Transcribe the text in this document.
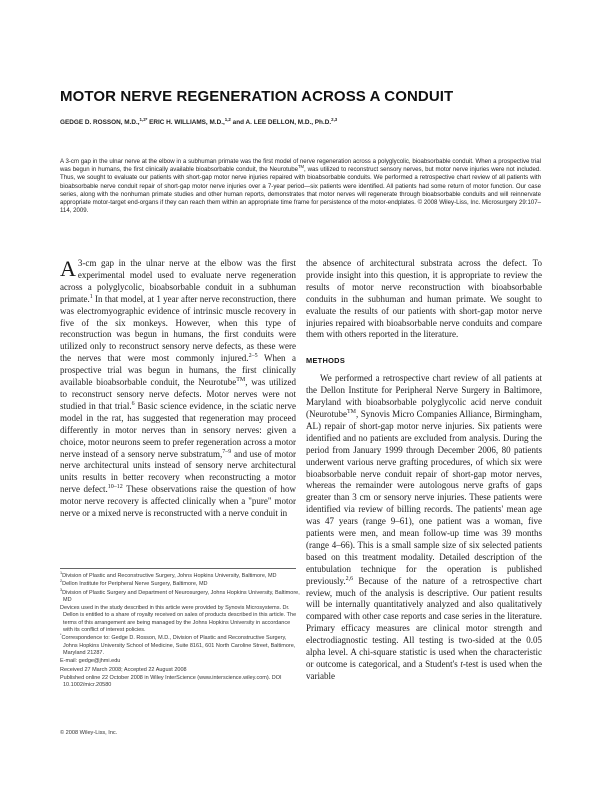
MOTOR NERVE REGENERATION ACROSS A CONDUIT
GEDGE D. ROSSON, M.D.,$^{1,2*}$ ERIC H. WILLIAMS, M.D.,$^{1,2}$ and A. LEE DELLON, M.D., Ph.D.$^{2,3}$
A 3-cm gap in the ulnar nerve at the elbow in a subhuman primate was the first model of nerve regeneration across a polyglycolic, bioabsorbable conduit. When a prospective trial was begun in humans, the first clinically available bioabsorbable conduit, the Neurotube™, was utilized to reconstruct sensory nerves, but motor nerve injuries were not included. Thus, we sought to evaluate our patients with short-gap motor nerve injuries repaired with bioabsorbable conduits. We performed a retrospective chart review of all patients with bioabsorbable nerve conduit repair of short-gap motor nerve injuries over a 7-year period—six patients were identified. All patients had some return of motor function. Our case series, along with the nonhuman primate studies and other human reports, demonstrates that motor nerves will regenerate through bioabsorbable conduits and will reinnervate appropriate motor-target end-organs if they can reach them within an appropriate time frame for persistence of the motor-endplates. © 2008 Wiley-Liss, Inc. Microsurgery 29:107–114, 2009.

A 3-cm gap in the ulnar nerve at the elbow was the first experimental model used to evaluate nerve regeneration across a polyglycolic, bioabsorbable conduit in a subhuman primate.$^1$ In that model, at 1 year after nerve reconstruction, there was electromyographic evidence of intrinsic muscle recovery in five of the six monkeys. However, when this type of reconstruction was begun in humans, the first conduits were utilized only to reconstruct sensory nerve defects, as these were the nerves that were most commonly injured.$^{2-5}$ When a prospective trial was begun in humans, the first clinically available bioabsorbable conduit, the Neurotube™, was utilized to reconstruct sensory nerve defects. Motor nerves were not studied in that trial.$^6$ Basic science evidence, in the sciatic nerve model in the rat, has suggested that regeneration may proceed differently in motor nerves than in sensory nerves: given a choice, motor neurons seem to prefer regeneration across a motor nerve instead of a sensory nerve substratum,$^{7-9}$ and use of motor nerve architectural units instead of sensory nerve architectural units results in better recovery when reconstructing a motor nerve defect.$^{10-12}$ These observations raise the question of how motor nerve recovery is affected clinically when a "pure" motor nerve or a mixed nerve is reconstructed with a nerve conduit in

the absence of architectural substrata across the defect. To provide insight into this question, it is appropriate to review the results of motor nerve reconstruction with bioabsorbable conduits in the subhuman and human primate. We sought to evaluate the results of our patients with short-gap motor nerve injuries repaired with bioabsorbable nerve conduits and compare them with others reported in the literature.

METHODS

We performed a retrospective chart review of all patients at the Dellon Institute for Peripheral Nerve Surgery in Baltimore, Maryland with bioabsorbable polyglycolic acid nerve conduit (Neurotube™, Synovis Micro Companies Alliance, Birmingham, AL) repair of short-gap motor nerve injuries. Six patients were identified and no patients are excluded from analysis. During the period from January 1999 through December 2006, 80 patients underwent various nerve grafting procedures, of which six were bioabsorbable nerve conduit repair of short-gap motor nerves, whereas the remainder were autologous nerve grafts of gaps greater than 3 cm or sensory nerve injuries. These patients were identified via review of billing records. The patients' mean age was 47 years (range 9–61), one patient was a woman, five patients were men, and mean follow-up time was 39 months (range 4–66). This is a small sample size of six selected patients based on this treatment modality. Detailed description of the entubulation technique for the operation is published previously.$^{2,6}$ Because of the nature of a retrospective chart review, much of the analysis is descriptive. Our patient results will be internally quantitatively analyzed and also qualitatively compared with other case reports and case series in the literature. Primary efficacy measures are clinical motor strength and electrodiagnostic testing. All testing is two-sided at the 0.05 alpha level. A chi-square statistic is used when the characteristic or outcome is categorical, and a Student's t-test is used when the variable

$^1$Division of Plastic and Reconstructive Surgery, Johns Hopkins University, Baltimore, MD
$^2$Dellon Institute for Peripheral Nerve Surgery, Baltimore, MD
$^3$Division of Plastic Surgery and Department of Neurosurgery, Johns Hopkins University, Baltimore, MD
Devices used in the study described in this article were provided by Synovis Microsystems. Dr. Dellon is entitled to a share of royalty received on sales of products described in this article. The terms of this arrangement are being managed by the Johns Hopkins University in accordance with its conflict of interest policies.
*Correspondence to: Gedge D. Rosson, M.D., Division of Plastic and Reconstructive Surgery, Johns Hopkins University School of Medicine, Suite 8161, 601 North Caroline Street, Baltimore, Maryland 21287.
E-mail: gedge@jhmi.edu
Received 27 March 2008; Accepted 22 August 2008
Published online 22 October 2008 in Wiley InterScience (www.interscience.wiley.com). DOI 10.1002/micr.20580
© 2008 Wiley-Liss, Inc.
